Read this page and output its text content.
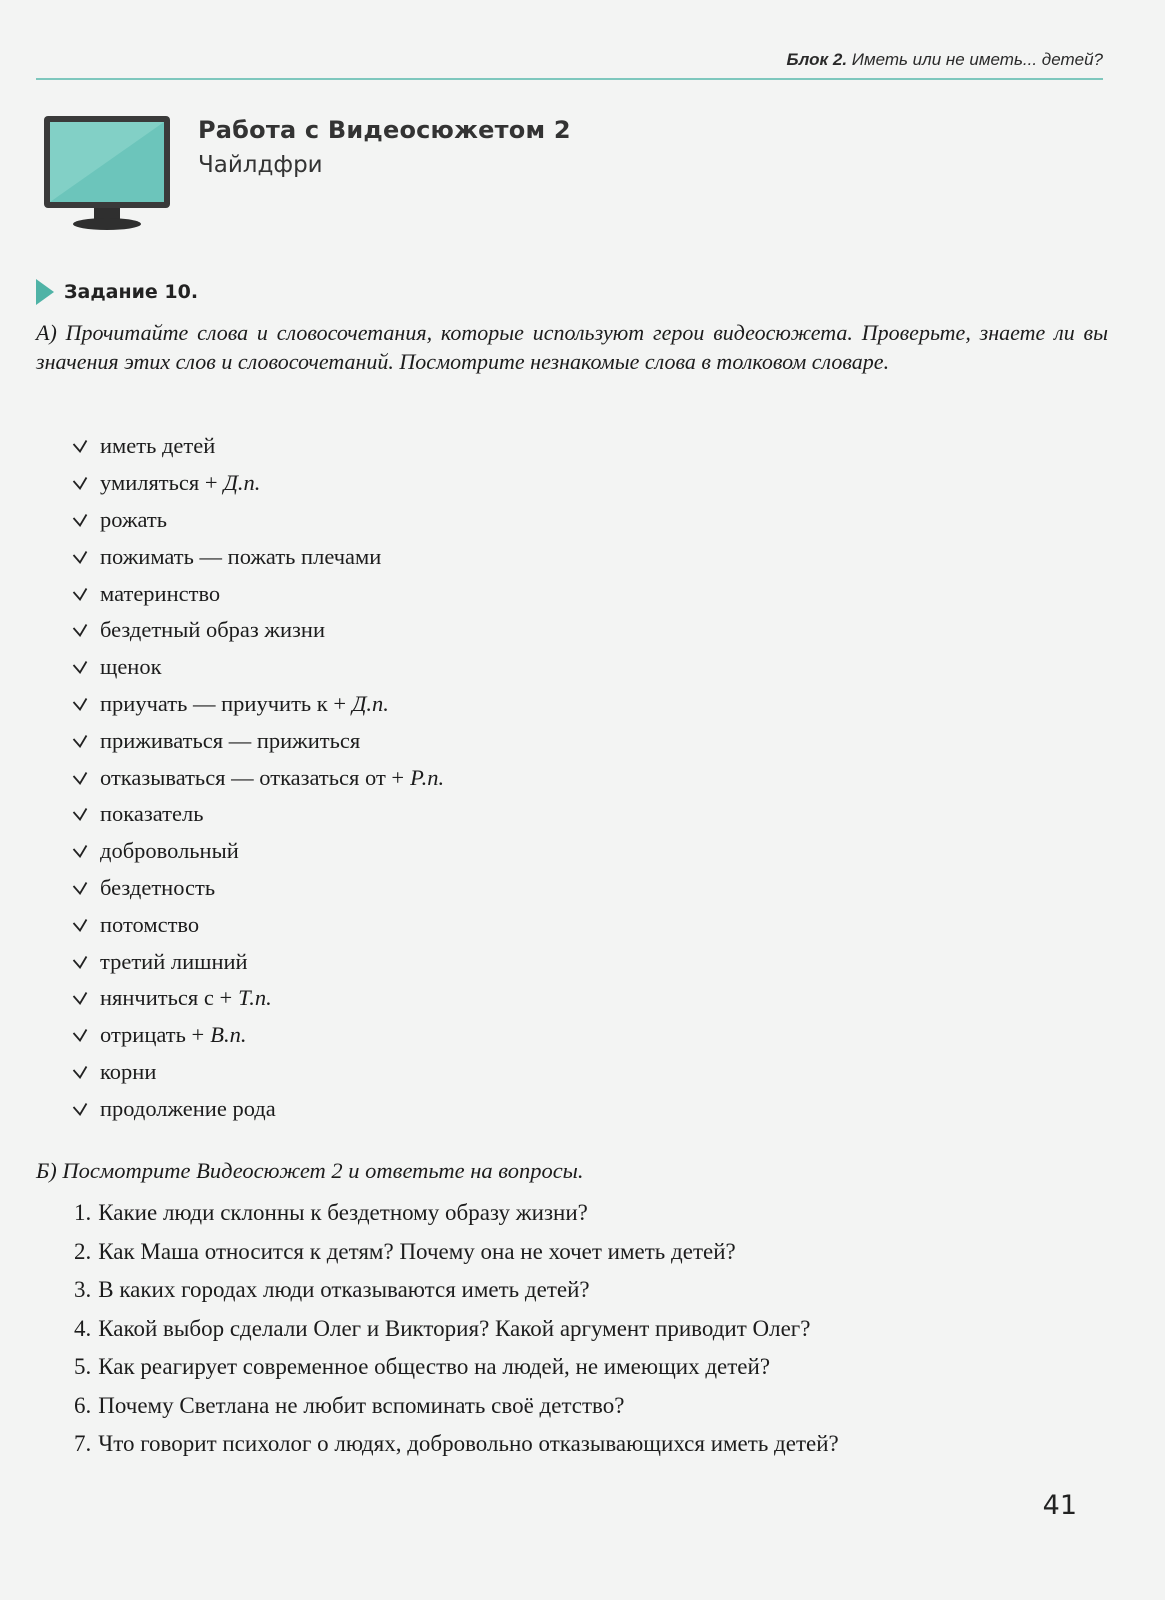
Блок 2. Иметь или не иметь... детей?
Работа с Видеосюжетом 2
Чайлдфри
Задание 10.

А) Прочитайте слова и словосочетания, которые используют герои видеосюжета. Проверьте, знаете ли вы значения этих слов и словосочетаний. Посмотрите незнакомые слова в толковом словаре.

иметь детей
умиляться + Д.п.
рожать
пожимать — пожать плечами
материнство
бездетный образ жизни
щенок
приучать — приучить к + Д.п.
приживаться — прижиться
отказываться — отказаться от + Р.п.
показатель
добровольный
бездетность
потомство
третий лишний
нянчиться с + Т.п.
отрицать + В.п.
корни
продолжение рода

Б) Посмотрите Видеосюжет 2 и ответьте на вопросы.

1. Какие люди склонны к бездетному образу жизни?
2. Как Маша относится к детям? Почему она не хочет иметь детей?
3. В каких городах люди отказываются иметь детей?
4. Какой выбор сделали Олег и Виктория? Какой аргумент приводит Олег?
5. Как реагирует современное общество на людей, не имеющих детей?
6. Почему Светлана не любит вспоминать своё детство?
7. Что говорит психолог о людях, добровольно отказывающихся иметь детей?
41
